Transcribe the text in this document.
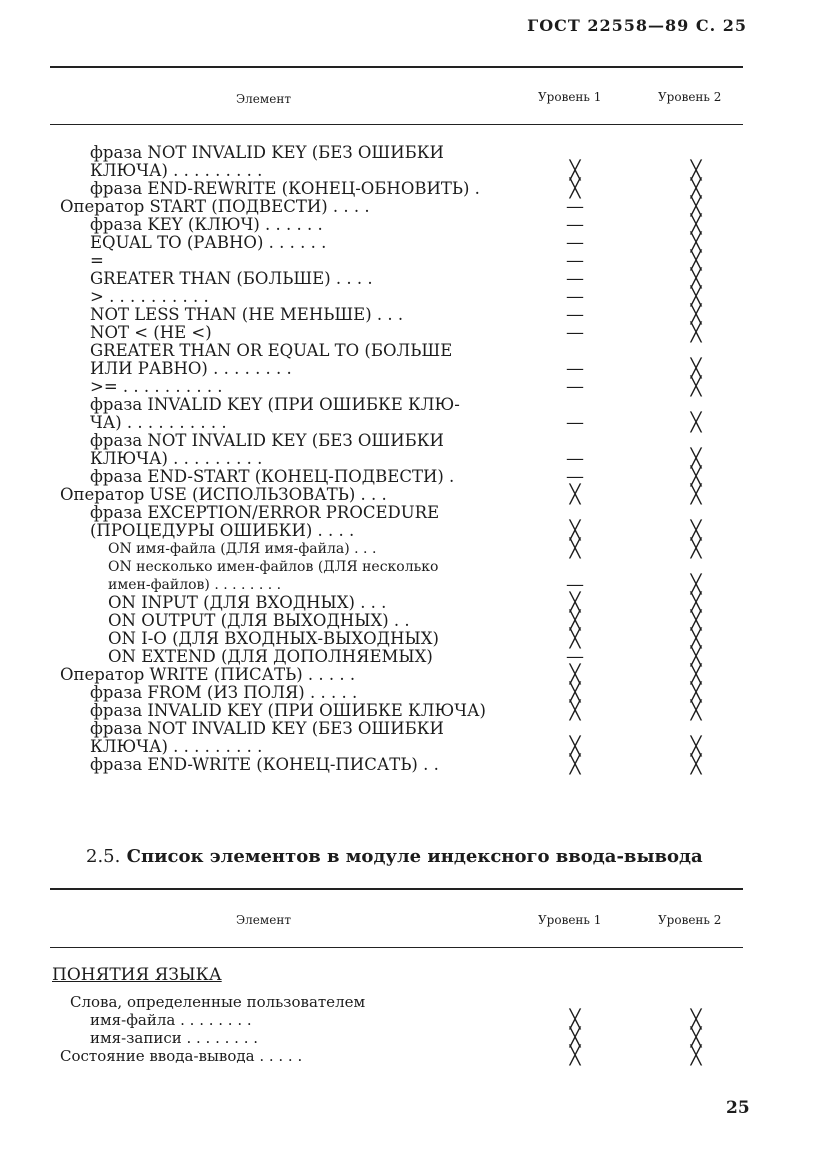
ГОСТ 22558—89 С. 25
Элемент	Уровень 1	Уровень 2
фраза NOT INVALID KEY (БЕЗ ОШИБКИ
КЛЮЧА) . . . . . . . . .	╳	╳
фраза END-REWRITE (КОНЕЦ-ОБНОВИТЬ) .	╳	╳
Оператор START (ПОДВЕСТИ) . . . .	—	╳
фраза KEY (КЛЮЧ) . . . . . .	—	╳
EQUAL TO (РАВНО) . . . . . .	—	╳
=	—	╳
GREATER THAN (БОЛЬШЕ) . . . .	—	╳
> . . . . . . . . . .	—	╳
NOT LESS THAN (НЕ МЕНЬШЕ) . . .	—	╳
NOT < (НЕ <)	—	╳
GREATER THAN OR EQUAL TO (БОЛЬШЕ
ИЛИ РАВНО) . . . . . . . .	—	╳
>= . . . . . . . . . .	—	╳
фраза INVALID KEY (ПРИ ОШИБКЕ КЛЮ-
ЧА) . . . . . . . . . .	—	╳
фраза NOT INVALID KEY (БЕЗ ОШИБКИ
КЛЮЧА) . . . . . . . . .	—	╳
фраза END-START (КОНЕЦ-ПОДВЕСТИ) .	—	╳
Оператор USE (ИСПОЛЬЗОВАТЬ) . . .	╳	╳
фраза EXCEPTION/ERROR PROCEDURE
(ПРОЦЕДУРЫ ОШИБКИ) . . . .	╳	╳
ON имя-файла (ДЛЯ имя-файла) . . .	╳	╳
ON несколько имен-файлов (ДЛЯ несколько
имен-файлов) . . . . . . . .	—	╳
ON INPUT (ДЛЯ ВХОДНЫХ) . . .	╳	╳
ON OUTPUT (ДЛЯ ВЫХОДНЫХ) . .	╳	╳
ON I-O (ДЛЯ ВХОДНЫХ-ВЫХОДНЫХ)	╳	╳
ON EXTEND (ДЛЯ ДОПОЛНЯЕМЫХ)	—	╳
Оператор WRITE (ПИСАТЬ) . . . . .	╳	╳
фраза FROM (ИЗ ПОЛЯ) . . . . .	╳	╳
фраза INVALID KEY (ПРИ ОШИБКЕ КЛЮЧА)	╳	╳
фраза NOT INVALID KEY (БЕЗ ОШИБКИ
КЛЮЧА) . . . . . . . . .	╳	╳
фраза END-WRITE (КОНЕЦ-ПИСАТЬ) . .	╳	╳
2.5. Список элементов в модуле индексного ввода-вывода
Элемент	Уровень 1	Уровень 2
ПОНЯТИЯ ЯЗЫКА
Слова, определенные пользователем
имя-файла . . . . . . . .	╳	╳
имя-записи . . . . . . . .	╳	╳
Состояние ввода-вывода . . . . .	╳	╳
25
